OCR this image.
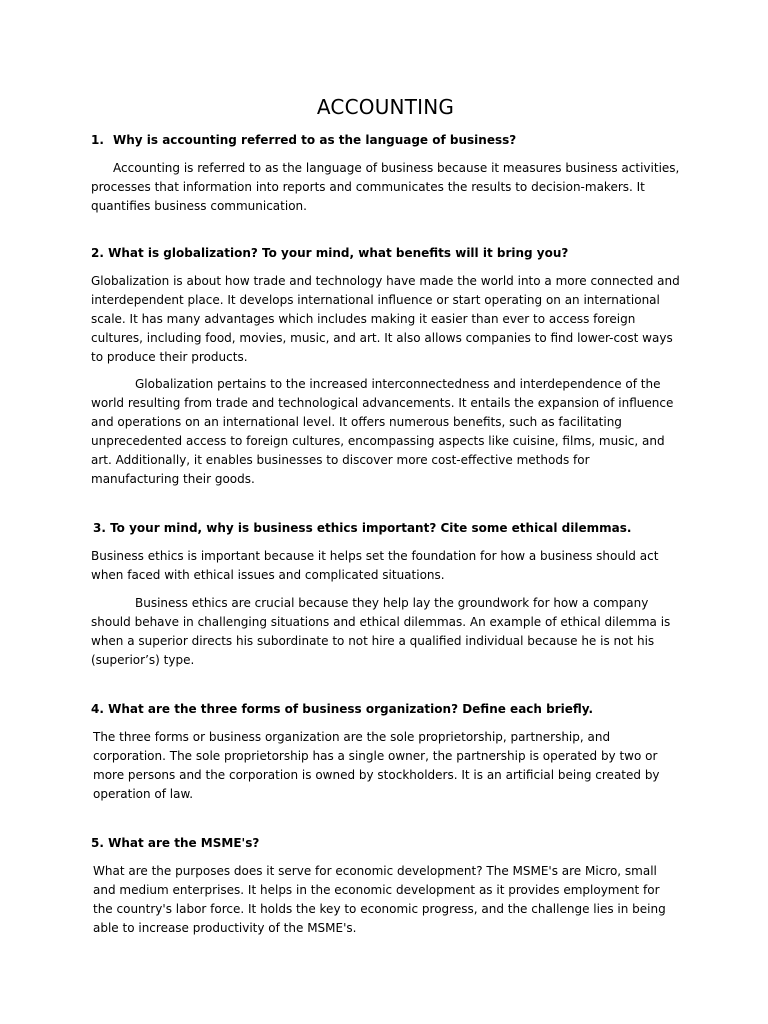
ACCOUNTING

1. Why is accounting referred to as the language of business?

Accounting is referred to as the language of business because it measures business activities, processes that information into reports and communicates the results to decision-makers. It quantifies business communication.

2. What is globalization? To your mind, what benefits will it bring you?

Globalization is about how trade and technology have made the world into a more connected and interdependent place. It develops international influence or start operating on an international scale. It has many advantages which includes making it easier than ever to access foreign cultures, including food, movies, music, and art. It also allows companies to find lower-cost ways to produce their products.

Globalization pertains to the increased interconnectedness and interdependence of the world resulting from trade and technological advancements. It entails the expansion of influence and operations on an international level. It offers numerous benefits, such as facilitating unprecedented access to foreign cultures, encompassing aspects like cuisine, films, music, and art. Additionally, it enables businesses to discover more cost-effective methods for manufacturing their goods.

3. To your mind, why is business ethics important? Cite some ethical dilemmas.

Business ethics is important because it helps set the foundation for how a business should act when faced with ethical issues and complicated situations.

Business ethics are crucial because they help lay the groundwork for how a company should behave in challenging situations and ethical dilemmas. An example of ethical dilemma is when a superior directs his subordinate to not hire a qualified individual because he is not his (superior’s) type.

4. What are the three forms of business organization? Define each briefly.

The three forms or business organization are the sole proprietorship, partnership, and corporation. The sole proprietorship has a single owner, the partnership is operated by two or more persons and the corporation is owned by stockholders. It is an artificial being created by operation of law.

5. What are the MSME's?

What are the purposes does it serve for economic development? The MSME's are Micro, small and medium enterprises. It helps in the economic development as it provides employment for the country's labor force. It holds the key to economic progress, and the challenge lies in being able to increase productivity of the MSME's.
